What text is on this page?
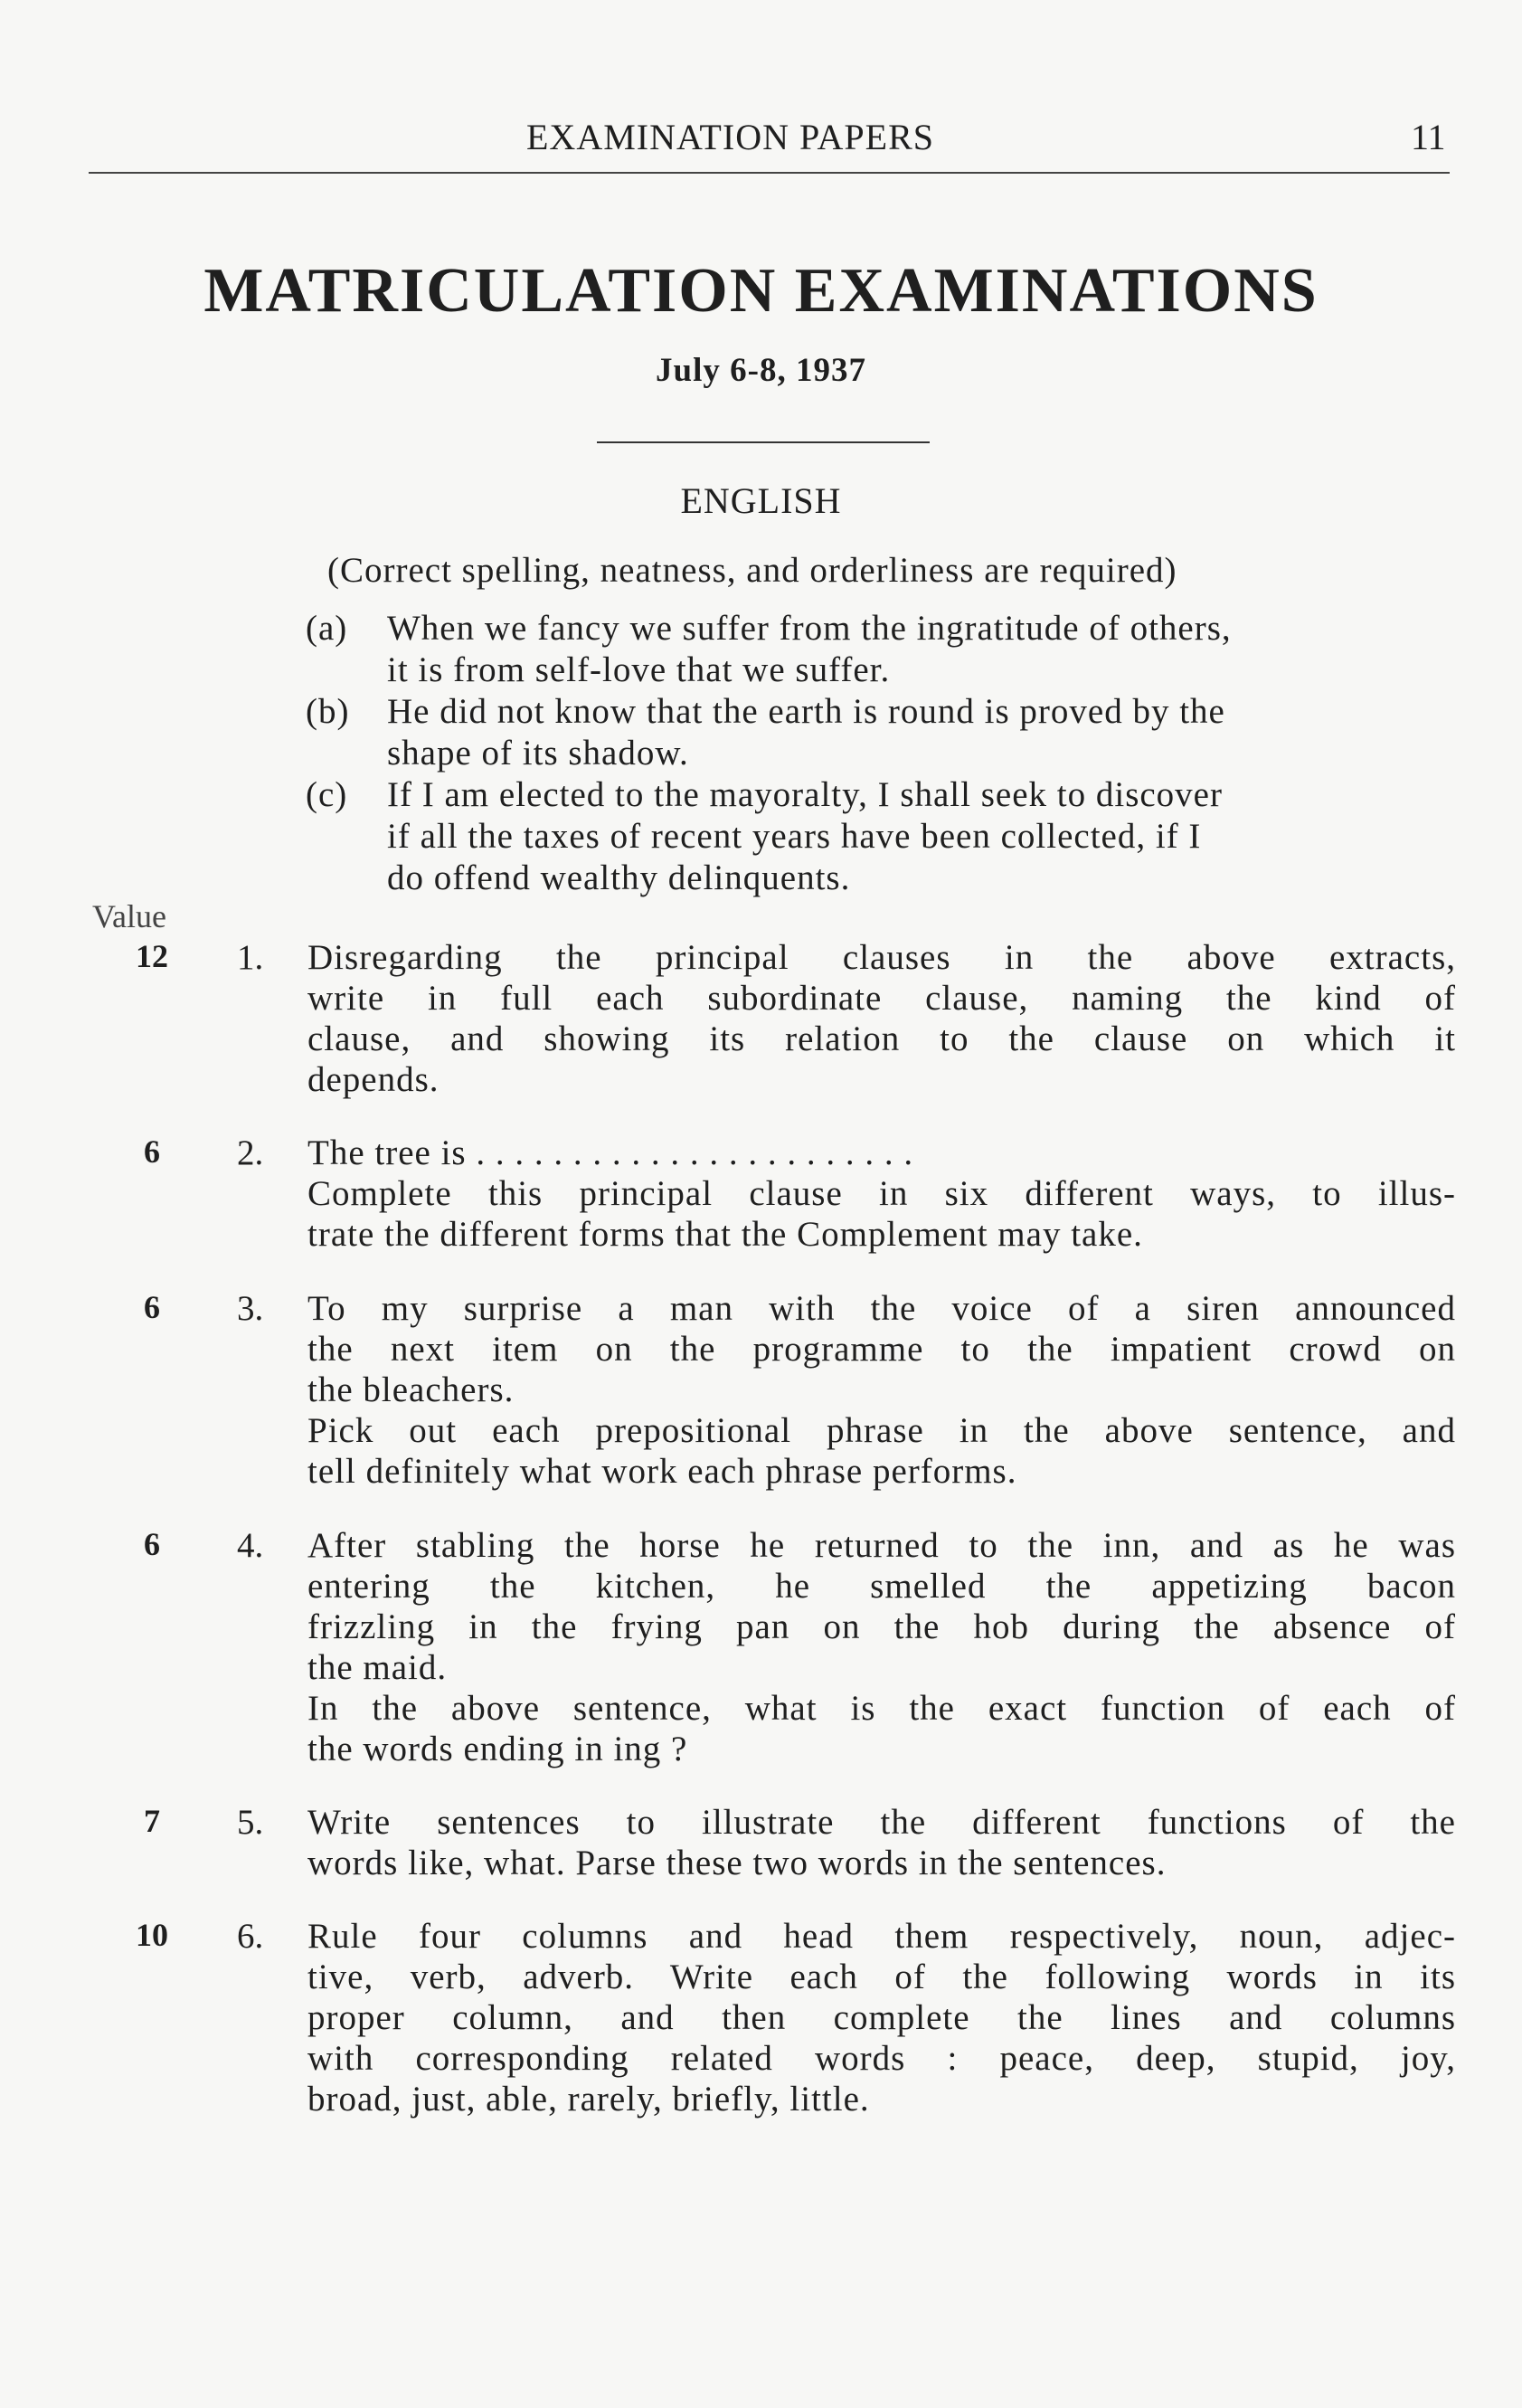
EXAMINATION PAPERS	11
MATRICULATION EXAMINATIONS
July 6-8, 1937
ENGLISH
(Correct spelling, neatness, and orderliness are required)
(a) When we fancy we suffer from the ingratitude of others,
it is from self-love that we suffer.
(b) He did not know that the earth is round is proved by the
shape of its shadow.
(c) If I am elected to the mayoralty, I shall seek to discover
if all the taxes of recent years have been collected, if I
do offend wealthy delinquents.
Value
12	1.	Disregarding the principal clauses in the above extracts,
write in full each subordinate clause, naming the kind of
clause, and showing its relation to the clause on which it
depends.
6	2.	The tree is . . . . . . . . . . . . . . . . . . . . . . .
Complete this principal clause in six different ways, to illus-
trate the different forms that the Complement may take.
6	3.	To my surprise a man with the voice of a siren announced
the next item on the programme to the impatient crowd on
the bleachers.
Pick out each prepositional phrase in the above sentence, and
tell definitely what work each phrase performs.
6	4.	After stabling the horse he returned to the inn, and as he was
entering the kitchen, he smelled the appetizing bacon
frizzling in the frying pan on the hob during the absence of
the maid.
In the above sentence, what is the exact function of each of
the words ending in ing ?
7	5.	Write sentences to illustrate the different functions of the
words like, what. Parse these two words in the sentences.
10	6.	Rule four columns and head them respectively, noun, adjec-
tive, verb, adverb. Write each of the following words in its
proper column, and then complete the lines and columns
with corresponding related words : peace, deep, stupid, joy,
broad, just, able, rarely, briefly, little.
